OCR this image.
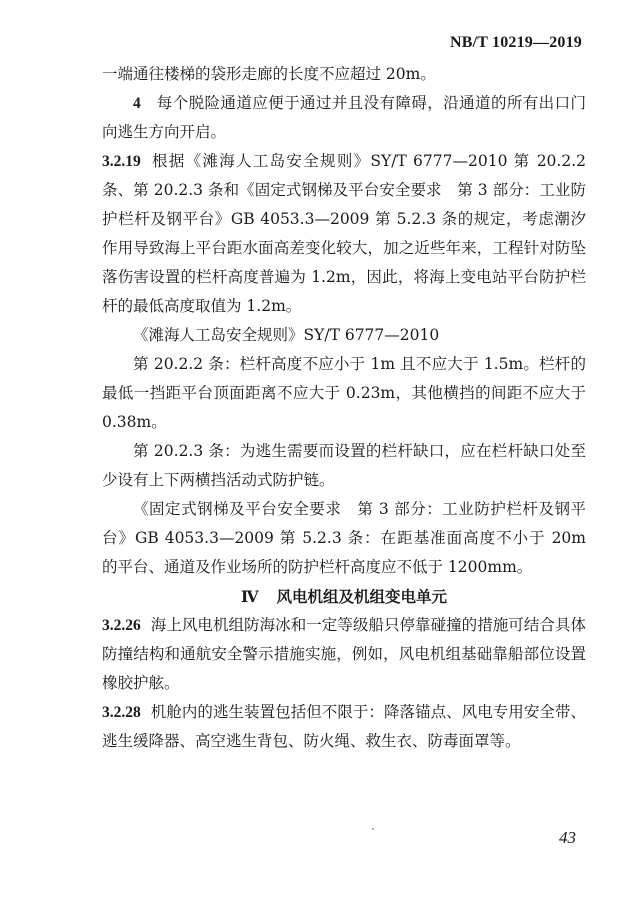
NB/T 10219—2019

一端通往楼梯的袋形走廊的长度不应超过 20m。

4 每个脱险通道应便于通过并且没有障碍，沿通道的所有出口门向逃生方向开启。

3.2.19 根据《滩海人工岛安全规则》SY/T 6777—2010 第 20.2.2 条、第 20.2.3 条和《固定式钢梯及平台安全要求　第 3 部分：工业防护栏杆及钢平台》GB 4053.3—2009 第 5.2.3 条的规定，考虑潮汐作用导致海上平台距水面高差变化较大，加之近些年来，工程针对防坠落伤害设置的栏杆高度普遍为 1.2m，因此，将海上变电站平台防护栏杆的最低高度取值为 1.2m。

《滩海人工岛安全规则》SY/T 6777—2010

第 20.2.2 条：栏杆高度不应小于 1m 且不应大于 1.5m。栏杆的最低一挡距平台顶面距离不应大于 0.23m，其他横挡的间距不应大于 0.38m。

第 20.2.3 条：为逃生需要而设置的栏杆缺口，应在栏杆缺口处至少设有上下两横挡活动式防护链。

《固定式钢梯及平台安全要求　第 3 部分：工业防护栏杆及钢平台》GB 4053.3—2009 第 5.2.3 条：在距基准面高度不小于 20m 的平台、通道及作业场所的防护栏杆高度应不低于 1200mm。

Ⅳ 风电机组及机组变电单元

3.2.26 海上风电机组防海冰和一定等级船只停靠碰撞的措施可结合具体防撞结构和通航安全警示措施实施，例如，风电机组基础靠船部位设置橡胶护舷。

3.2.28 机舱内的逃生装置包括但不限于：降落锚点、风电专用安全带、逃生缓降器、高空逃生背包、防火绳、救生衣、防毒面罩等。

43
